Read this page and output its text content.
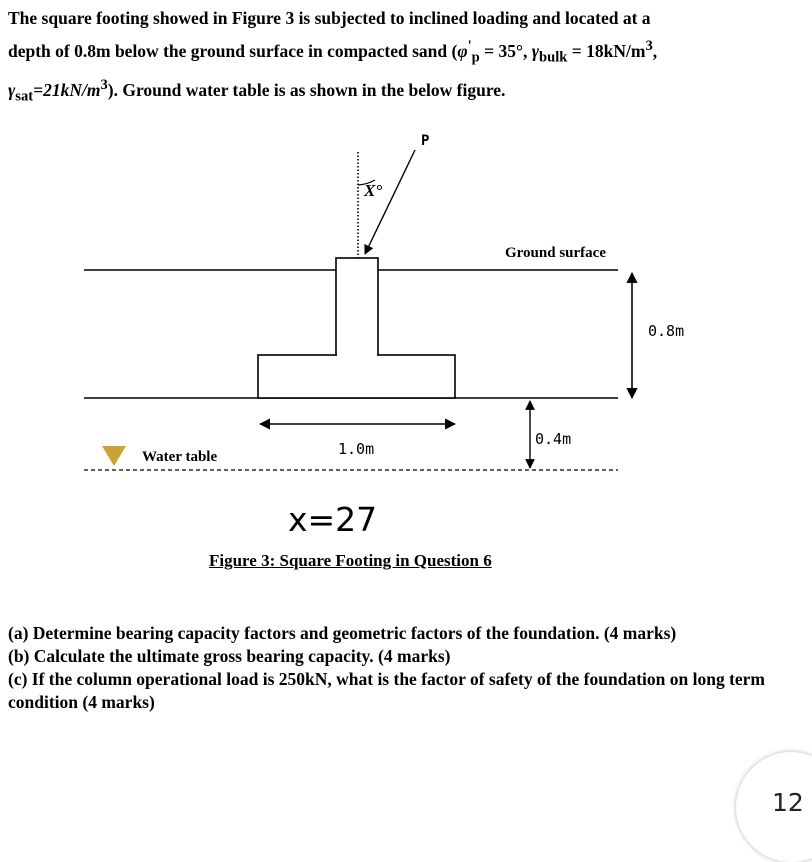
The square footing showed in Figure 3 is subjected to inclined loading and located at a
depth of 0.8m below the ground surface in compacted sand ($\varphi'_p = 35^\circ$, $\gamma_{bulk} = 18kN/m^3$,
$\gamma_{sat}=21kN/m^3$). Ground water table is as shown in the below figure.
P
X°
Ground surface
0.8m
1.0m
0.4m
Water table
x=27
Figure 3: Square Footing in Question 6

(a) Determine bearing capacity factors and geometric factors of the foundation. (4 marks)

(b) Calculate the ultimate gross bearing capacity. (4 marks)

(c) If the column operational load is 250kN, what is the factor of safety of the foundation on long term condition (4 marks)

12
